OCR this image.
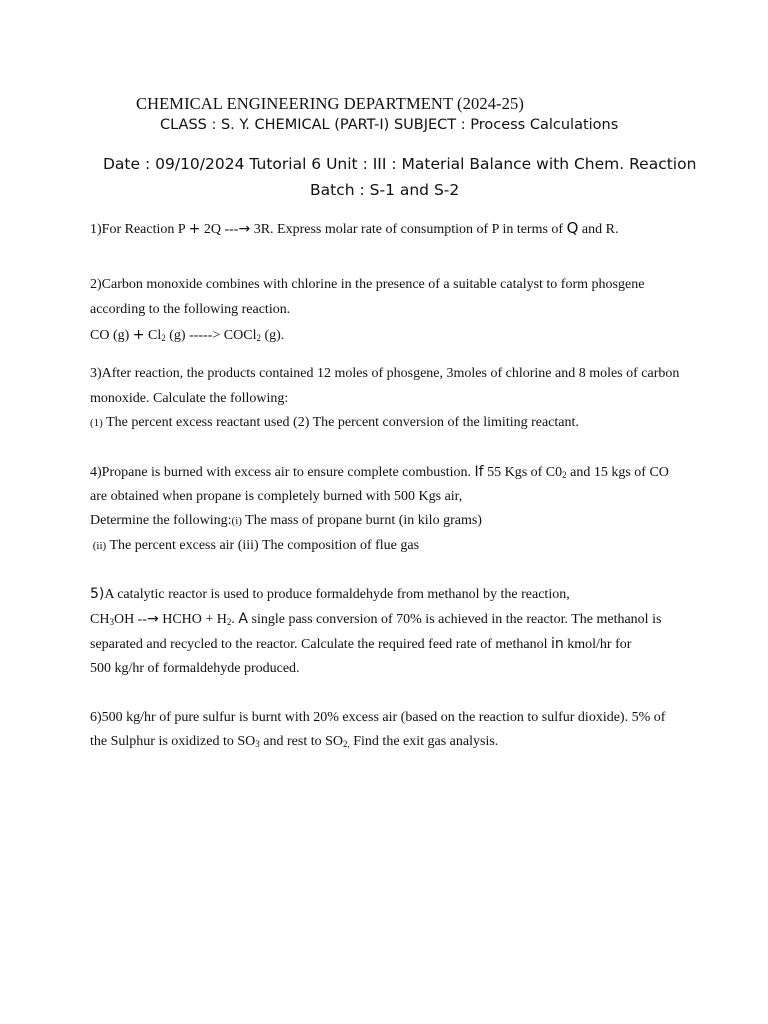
CHEMICAL ENGINEERING DEPARTMENT (2024-25)
CLASS : S. Y. CHEMICAL (PART-I) SUBJECT : Process Calculations
Date : 09/10/2024 Tutorial 6 Unit : III : Material Balance with Chem. Reaction
Batch : S-1 and S-2
1)For Reaction P + 2Q ---→ 3R. Express molar rate of consumption of P in terms of Q and R.
2)Carbon monoxide combines with chlorine in the presence of a suitable catalyst to form phosgene
according to the following reaction.
CO $(g) + Cl_2$ (g) -----> COCl$_2$ (g).
3)After reaction, the products contained 12 moles of phosgene, 3moles of chlorine and 8 moles of carbon
monoxide. Calculate the following:
(1) The percent excess reactant used (2) The percent conversion of the limiting reactant.
4)Propane is burned with excess air to ensure complete combustion. If 55 Kgs of $C0_2$ and 15 kgs of CO
are obtained when propane is completely burned with 500 Kgs air,
Determine the following:(i) The mass of propane burnt (in kilo grams)
(ii) The percent excess air (iii) The composition of flue gas
5)A catalytic reactor is used to produce formaldehyde from methanol by the reaction,
$CH_3OH$ --→ HCHO + $H_2$. A single pass conversion of 70% is achieved in the reactor. The methanol is
separated and recycled to the reactor. Calculate the required feed rate of methanol in kmol/hr for
500 kg/hr of formaldehyde produced.
6)500 kg/hr of pure sulfur is burnt with 20% excess air (based on the reaction to sulfur dioxide). 5% of
the Sulphur is oxidized to $SO_3$ and rest to $SO_{2,}$ Find the exit gas analysis.
